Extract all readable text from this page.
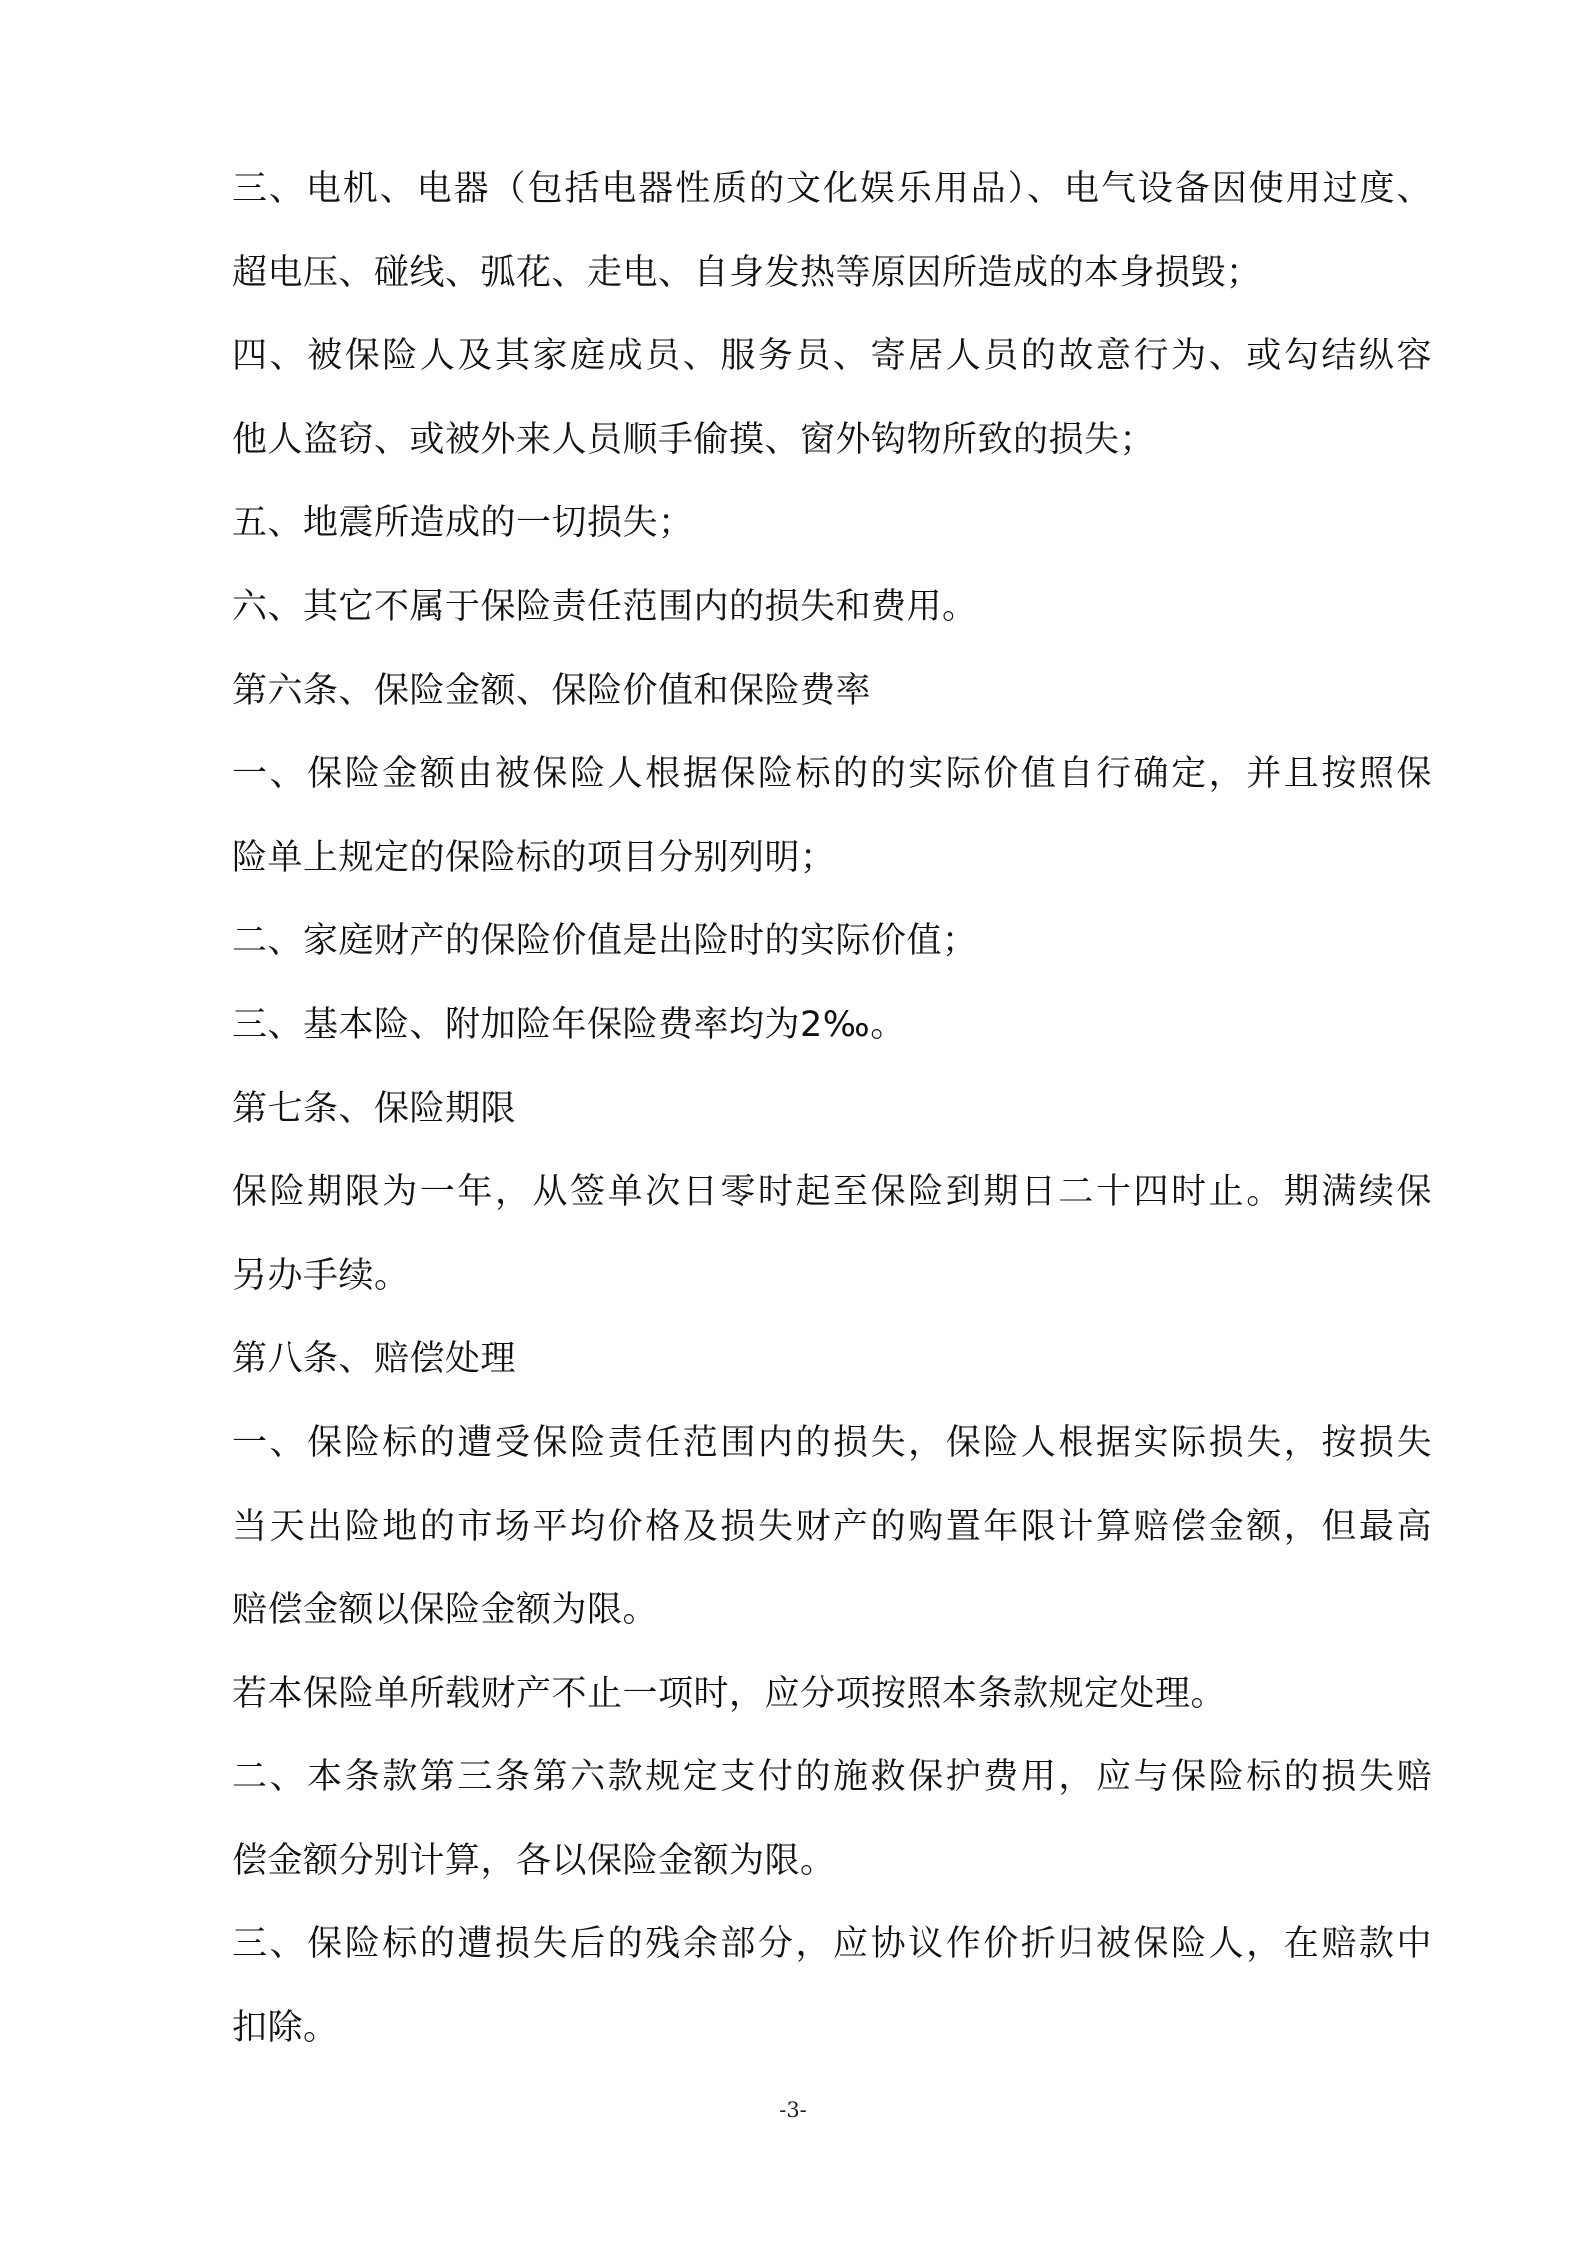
三、电机、电器（包括电器性质的文化娱乐用品）、电气设备因使用过度、
超电压、碰线、弧花、走电、自身发热等原因所造成的本身损毁；
四、被保险人及其家庭成员、服务员、寄居人员的故意行为、或勾结纵容
他人盗窃、或被外来人员顺手偷摸、窗外钩物所致的损失；
五、地震所造成的一切损失；
六、其它不属于保险责任范围内的损失和费用。
第六条、保险金额、保险价值和保险费率
一、保险金额由被保险人根据保险标的的实际价值自行确定，并且按照保
险单上规定的保险标的项目分别列明；
二、家庭财产的保险价值是出险时的实际价值；
三、基本险、附加险年保险费率均为2‰。
第七条、保险期限
保险期限为一年，从签单次日零时起至保险到期日二十四时止。期满续保
另办手续。
第八条、赔偿处理
一、保险标的遭受保险责任范围内的损失，保险人根据实际损失，按损失
当天出险地的市场平均价格及损失财产的购置年限计算赔偿金额，但最高
赔偿金额以保险金额为限。
若本保险单所载财产不止一项时，应分项按照本条款规定处理。
二、本条款第三条第六款规定支付的施救保护费用，应与保险标的损失赔
偿金额分别计算，各以保险金额为限。
三、保险标的遭损失后的残余部分，应协议作价折归被保险人，在赔款中
扣除。
-3-
